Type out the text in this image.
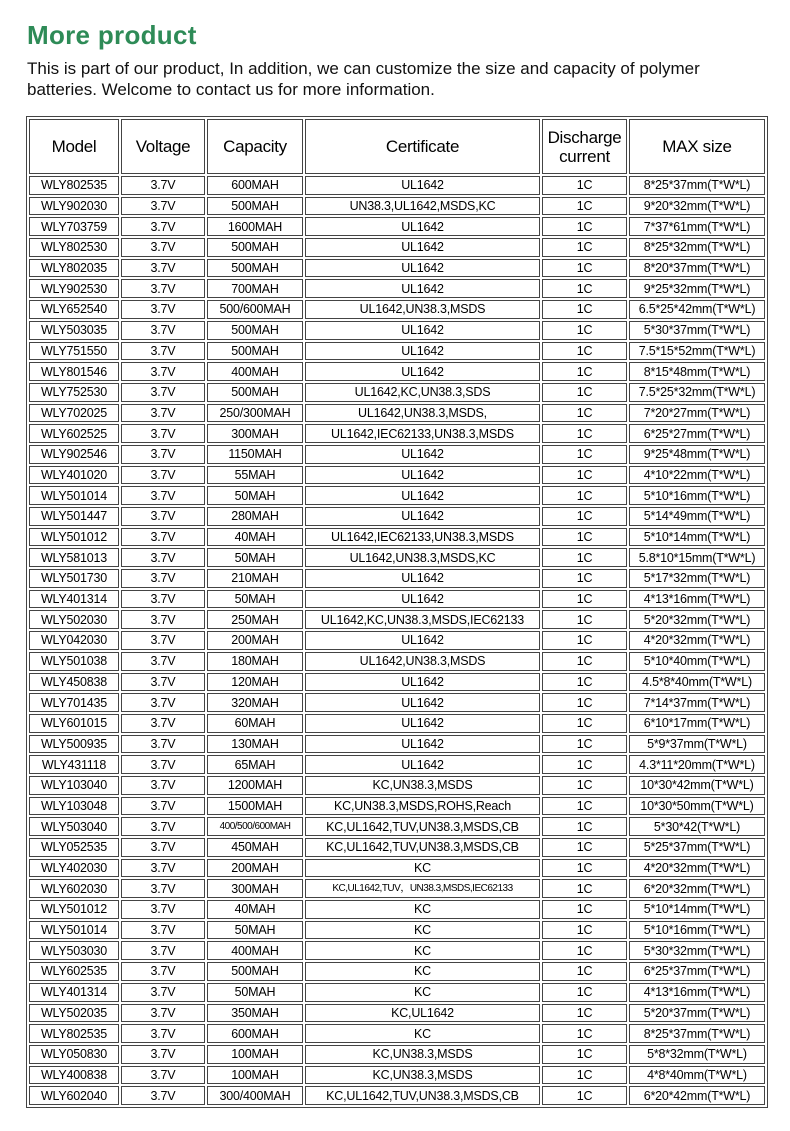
More product

This is part of our product, In addition, we can customize the size and capacity of polymer batteries. Welcome to contact us for more information.

Model	Voltage	Capacity	Certificate	Discharge current	MAX size
WLY802535	3.7V	600MAH	UL1642	1C	8*25*37mm(T*W*L)
WLY902030	3.7V	500MAH	UN38.3,UL1642,MSDS,KC	1C	9*20*32mm(T*W*L)
WLY703759	3.7V	1600MAH	UL1642	1C	7*37*61mm(T*W*L)
WLY802530	3.7V	500MAH	UL1642	1C	8*25*32mm(T*W*L)
WLY802035	3.7V	500MAH	UL1642	1C	8*20*37mm(T*W*L)
WLY902530	3.7V	700MAH	UL1642	1C	9*25*32mm(T*W*L)
WLY652540	3.7V	500/600MAH	UL1642,UN38.3,MSDS	1C	6.5*25*42mm(T*W*L)
WLY503035	3.7V	500MAH	UL1642	1C	5*30*37mm(T*W*L)
WLY751550	3.7V	500MAH	UL1642	1C	7.5*15*52mm(T*W*L)
WLY801546	3.7V	400MAH	UL1642	1C	8*15*48mm(T*W*L)
WLY752530	3.7V	500MAH	UL1642,KC,UN38.3,SDS	1C	7.5*25*32mm(T*W*L)
WLY702025	3.7V	250/300MAH	UL1642,UN38.3,MSDS,	1C	7*20*27mm(T*W*L)
WLY602525	3.7V	300MAH	UL1642,IEC62133,UN38.3,MSDS	1C	6*25*27mm(T*W*L)
WLY902546	3.7V	1150MAH	UL1642	1C	9*25*48mm(T*W*L)
WLY401020	3.7V	55MAH	UL1642	1C	4*10*22mm(T*W*L)
WLY501014	3.7V	50MAH	UL1642	1C	5*10*16mm(T*W*L)
WLY501447	3.7V	280MAH	UL1642	1C	5*14*49mm(T*W*L)
WLY501012	3.7V	40MAH	UL1642,IEC62133,UN38.3,MSDS	1C	5*10*14mm(T*W*L)
WLY581013	3.7V	50MAH	UL1642,UN38.3,MSDS,KC	1C	5.8*10*15mm(T*W*L)
WLY501730	3.7V	210MAH	UL1642	1C	5*17*32mm(T*W*L)
WLY401314	3.7V	50MAH	UL1642	1C	4*13*16mm(T*W*L)
WLY502030	3.7V	250MAH	UL1642,KC,UN38.3,MSDS,IEC62133	1C	5*20*32mm(T*W*L)
WLY042030	3.7V	200MAH	UL1642	1C	4*20*32mm(T*W*L)
WLY501038	3.7V	180MAH	UL1642,UN38.3,MSDS	1C	5*10*40mm(T*W*L)
WLY450838	3.7V	120MAH	UL1642	1C	4.5*8*40mm(T*W*L)
WLY701435	3.7V	320MAH	UL1642	1C	7*14*37mm(T*W*L)
WLY601015	3.7V	60MAH	UL1642	1C	6*10*17mm(T*W*L)
WLY500935	3.7V	130MAH	UL1642	1C	5*9*37mm(T*W*L)
WLY431118	3.7V	65MAH	UL1642	1C	4.3*11*20mm(T*W*L)
WLY103040	3.7V	1200MAH	KC,UN38.3,MSDS	1C	10*30*42mm(T*W*L)
WLY103048	3.7V	1500MAH	KC,UN38.3,MSDS,ROHS,Reach	1C	10*30*50mm(T*W*L)
WLY503040	3.7V	400/500/600MAH	KC,UL1642,TUV,UN38.3,MSDS,CB	1C	5*30*42(T*W*L)
WLY052535	3.7V	450MAH	KC,UL1642,TUV,UN38.3,MSDS,CB	1C	5*25*37mm(T*W*L)
WLY402030	3.7V	200MAH	KC	1C	4*20*32mm(T*W*L)
WLY602030	3.7V	300MAH	KC,UL1642,TUV，UN38.3,MSDS,IEC62133	1C	6*20*32mm(T*W*L)
WLY501012	3.7V	40MAH	KC	1C	5*10*14mm(T*W*L)
WLY501014	3.7V	50MAH	KC	1C	5*10*16mm(T*W*L)
WLY503030	3.7V	400MAH	KC	1C	5*30*32mm(T*W*L)
WLY602535	3.7V	500MAH	KC	1C	6*25*37mm(T*W*L)
WLY401314	3.7V	50MAH	KC	1C	4*13*16mm(T*W*L)
WLY502035	3.7V	350MAH	KC,UL1642	1C	5*20*37mm(T*W*L)
WLY802535	3.7V	600MAH	KC	1C	8*25*37mm(T*W*L)
WLY050830	3.7V	100MAH	KC,UN38.3,MSDS	1C	5*8*32mm(T*W*L)
WLY400838	3.7V	100MAH	KC,UN38.3,MSDS	1C	4*8*40mm(T*W*L)
WLY602040	3.7V	300/400MAH	KC,UL1642,TUV,UN38.3,MSDS,CB	1C	6*20*42mm(T*W*L)
